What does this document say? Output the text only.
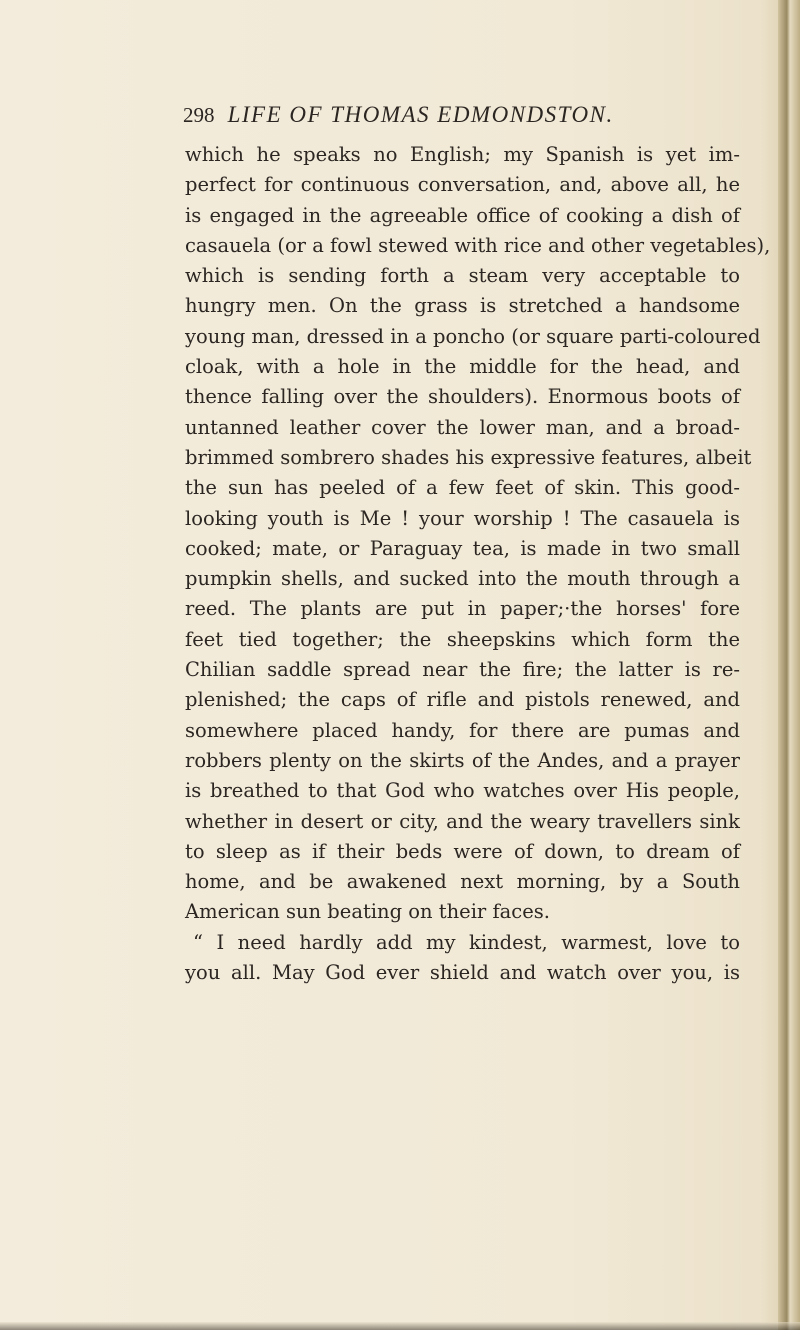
298 LIFE OF THOMAS EDMONDSTON.
which he speaks no English; my Spanish is yet im-
perfect for continuous conversation, and, above all, he
is engaged in the agreeable office of cooking a dish of
casauela (or a fowl stewed with rice and other vegetables),
which is sending forth a steam very acceptable to
hungry men. On the grass is stretched a handsome
young man, dressed in a poncho (or square parti-coloured
cloak, with a hole in the middle for the head, and
thence falling over the shoulders). Enormous boots of
untanned leather cover the lower man, and a broad-
brimmed sombrero shades his expressive features, albeit
the sun has peeled of a few feet of skin. This good-
looking youth is Me ! your worship ! The casauela is
cooked; mate, or Paraguay tea, is made in two small
pumpkin shells, and sucked into the mouth through a
reed. The plants are put in paper;·the horses' fore
feet tied together; the sheepskins which form the
Chilian saddle spread near the fire; the latter is re-
plenished; the caps of rifle and pistols renewed, and
somewhere placed handy, for there are pumas and
robbers plenty on the skirts of the Andes, and a prayer
is breathed to that God who watches over His people,
whether in desert or city, and the weary travellers sink
to sleep as if their beds were of down, to dream of
home, and be awakened next morning, by a South
American sun beating on their faces.
“ I need hardly add my kindest, warmest, love to
you all. May God ever shield and watch over you, is
